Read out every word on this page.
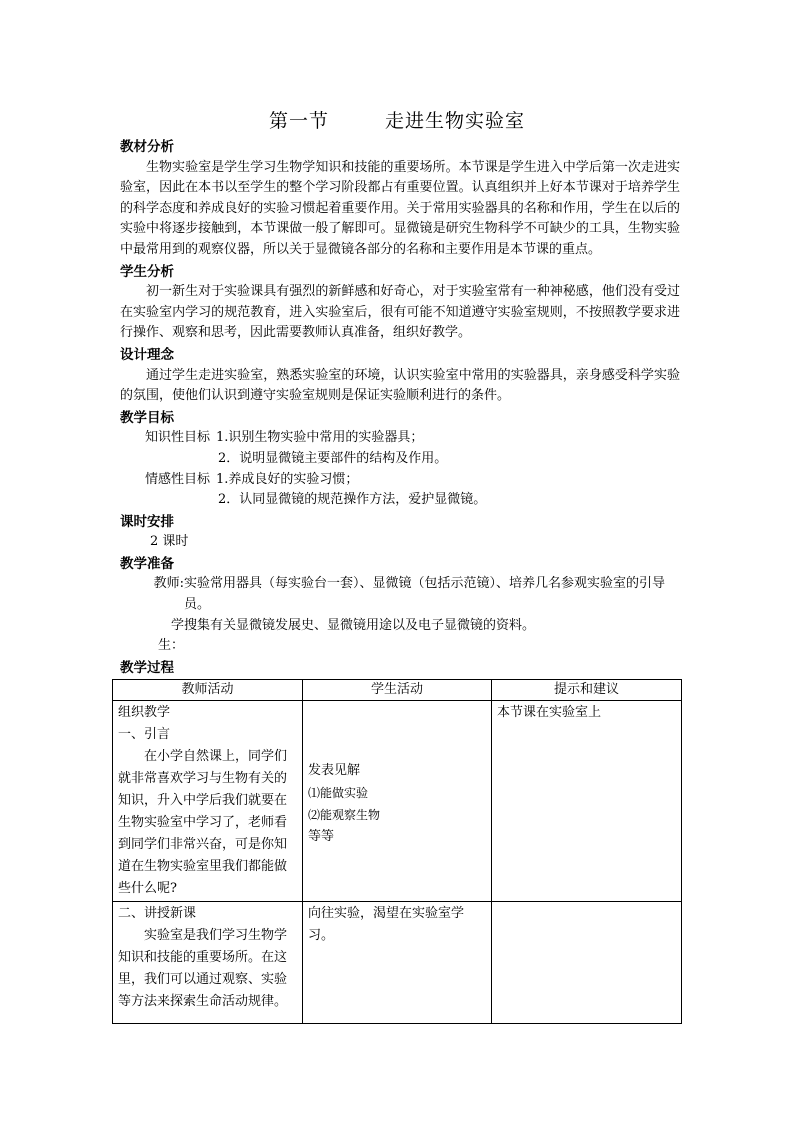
第一节	走进生物实验室
教材分析

生物实验室是学生学习生物学知识和技能的重要场所。本节课是学生进入中学后第一次走进实验室，因此在本书以至学生的整个学习阶段都占有重要位置。认真组织并上好本节课对于培养学生的科学态度和养成良好的实验习惯起着重要作用。关于常用实验器具的名称和作用，学生在以后的实验中将逐步接触到，本节课做一般了解即可。显微镜是研究生物科学不可缺少的工具，生物实验中最常用到的观察仪器，所以关于显微镜各部分的名称和主要作用是本节课的重点。

学生分析

初一新生对于实验课具有强烈的新鲜感和好奇心，对于实验室常有一种神秘感，他们没有受过在实验室内学习的规范教育，进入实验室后，很有可能不知道遵守实验室规则，不按照教学要求进行操作、观察和思考，因此需要教师认真准备，组织好教学。

设计理念

通过学生走进实验室，熟悉实验室的环境，认识实验室中常用的实验器具，亲身感受科学实验的氛围，使他们认识到遵守实验室规则是保证实验顺利进行的条件。

教学目标
知识性目标 1.识别生物实验中常用的实验器具；
2．说明显微镜主要部件的结构及作用。
情感性目标 1.养成良好的实验习惯；
2．认同显微镜的规范操作方法，爱护显微镜。
课时安排
2 课时
教学准备
教师: 实验常用器具（每实验台一套）、显微镜（包括示范镜）、培养几名参观实验室的引导员。
学生：
搜集有关显微镜发展史、显微镜用途以及电子显微镜的资料。
教学过程
教师活动	学生活动	提示和建议

组织教学
一、引言
在小学自然课上，同学们就非常喜欢学习与生物有关的知识，升入中学后我们就要在生物实验室中学习了，老师看到同学们非常兴奋，可是你知道在生物实验室里我们都能做些什么呢?	发表见解
⑴能做实验
⑵能观察生物
等等	本节课在实验室上

二、讲授新课
实验室是我们学习生物学知识和技能的重要场所。在这里，我们可以通过观察、实验等方法来探索生命活动规律。	向往实验，渴望在实验室学习。	
